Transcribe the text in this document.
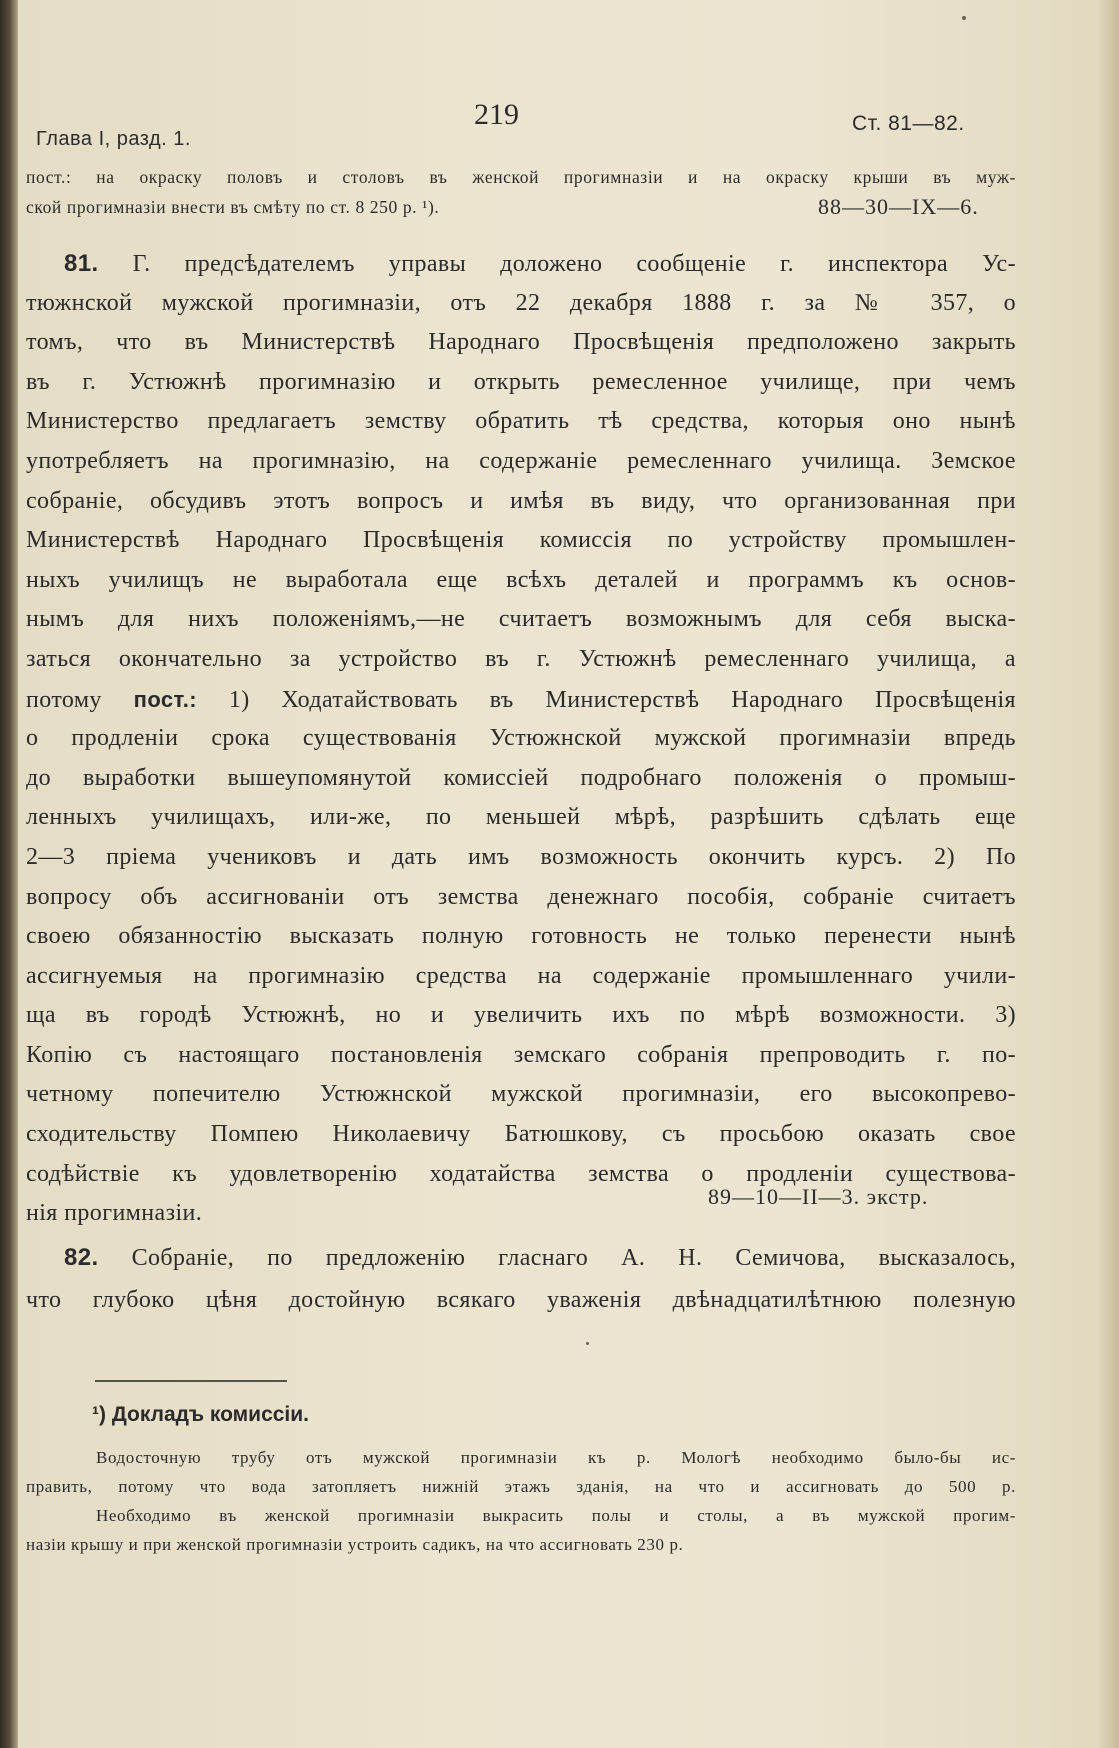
Глава I, разд. 1.
219	Ст. 81—82.
пост.: на окраску половъ и столовъ въ женской прогимназіи и на окраску крыши въ муж-
ской прогимназіи внести въ смѣту по ст. 8 250 р. ¹).	88—30—IX—6.
81. Г. предсѣдателемъ управы доложено сообщеніе г. инспектора Ус-
тюжнской мужской прогимназіи, отъ 22 декабря 1888 г. за № 357, о
томъ, что въ Министерствѣ Народнаго Просвѣщенія предположено закрыть
въ г. Устюжнѣ прогимназію и открыть ремесленное училище, при чемъ
Министерство предлагаетъ земству обратить тѣ средства, которыя оно нынѣ
употребляетъ на прогимназію, на содержаніе ремесленнаго училища. Земское
собраніе, обсудивъ этотъ вопросъ и имѣя въ виду, что организованная при
Министерствѣ Народнаго Просвѣщенія комиссія по устройству промышлен-
ныхъ училищъ не выработала еще всѣхъ деталей и программъ къ основ-
нымъ для нихъ положеніямъ,—не считаетъ возможнымъ для себя выска-
заться окончательно за устройство въ г. Устюжнѣ ремесленнаго училища, а
потому пост.: 1) Ходатайствовать въ Министерствѣ Народнаго Просвѣщенія
о продленіи срока существованія Устюжнской мужской прогимназіи впредь
до выработки вышеупомянутой комиссіей подробнаго положенія о промыш-
ленныхъ училищахъ, или-же, по меньшей мѣрѣ, разрѣшить сдѣлать еще
2—3 пріема учениковъ и дать имъ возможность окончить курсъ. 2) По
вопросу объ ассигнованіи отъ земства денежнаго пособія, собраніе считаетъ
своею обязанностію высказать полную готовность не только перенести нынѣ
ассигнуемыя на прогимназію средства на содержаніе промышленнаго учили-
ща въ городѣ Устюжнѣ, но и увеличить ихъ по мѣрѣ возможности. 3)
Копію съ настоящаго постановленія земскаго собранія препроводить г. по-
четному попечителю Устюжнской мужской прогимназіи, его высокопрево-
сходительству Помпею Николаевичу Батюшкову, съ просьбою оказать свое
содѣйствіе къ удовлетворенію ходатайства земства о продленіи существова-
нія прогимназіи.
89—10—II—3. экстр.
82. Собраніе, по предложенію гласнаго А. Н. Семичова, высказалось,
что глубоко цѣня достойную всякаго уваженія двѣнадцатилѣтнюю полезную
¹) Докладъ комиссіи.
Водосточную трубу отъ мужской прогимназіи къ р. Мологѣ необходимо было-бы ис-
править, потому что вода затопляетъ нижній этажъ зданія, на что и ассигновать до 500 р.
Необходимо въ женской прогимназіи выкрасить полы и столы, а въ мужской прогим-
назіи крышу и при женской прогимназіи устроить садикъ, на что ассигновать 230 р.
